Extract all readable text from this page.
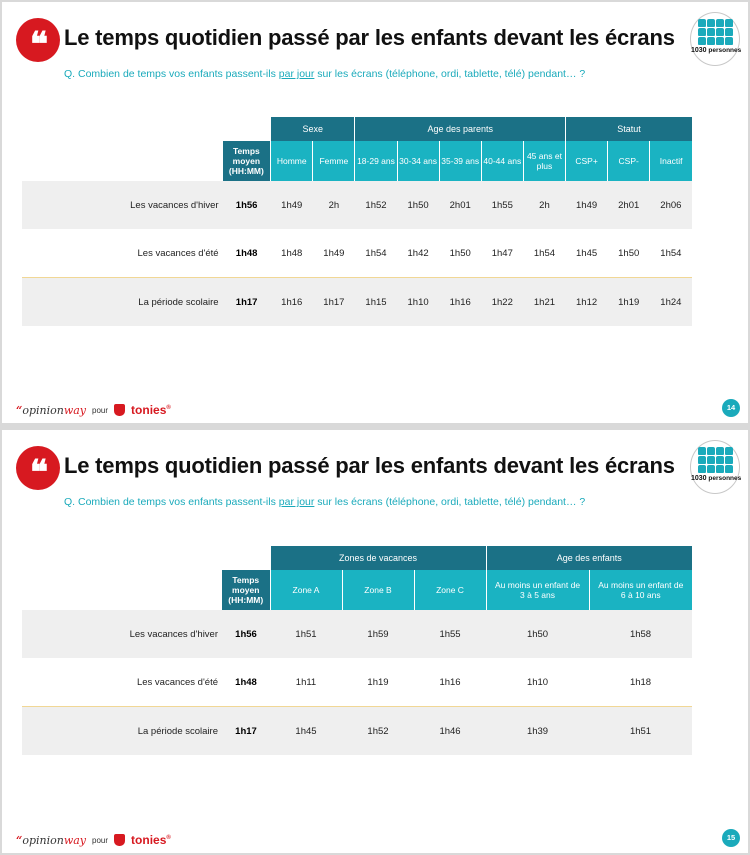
❝ Le temps quotidien passé par les enfants devant les écrans
Q. Combien de temps vos enfants passent-ils par jour sur les écrans (téléphone, ordi, tablette, télé) pendant… ?
1030 personnes
		Sexe		Age des parents					Statut		
	Temps moyen (HH:MM)	Homme	Femme	18-29 ans	30-34 ans	35-39 ans	40-44 ans	45 ans et plus	CSP+	CSP-	Inactif
Les vacances d'hiver	1h56	1h49	2h	1h52	1h50	2h01	1h55	2h	1h49	2h01	2h06
Les vacances d'été	1h48	1h48	1h49	1h54	1h42	1h50	1h47	1h54	1h45	1h50	1h54
La période scolaire	1h17	1h16	1h17	1h15	1h10	1h16	1h22	1h21	1h12	1h19	1h24
“opinionway pour tonies®	14
❝ Le temps quotidien passé par les enfants devant les écrans
Q. Combien de temps vos enfants passent-ils par jour sur les écrans (téléphone, ordi, tablette, télé) pendant… ?
1030 personnes
		Zones de vacances			Age des enfants	
	Temps moyen (HH:MM)	Zone A	Zone B	Zone C	Au moins un enfant de 3 à 5 ans	Au moins un enfant de 6 à 10 ans
Les vacances d'hiver	1h56	1h51	1h59	1h55	1h50	1h58
Les vacances d'été	1h48	1h11	1h19	1h16	1h10	1h18
La période scolaire	1h17	1h45	1h52	1h46	1h39	1h51
“opinionway pour tonies®	15
